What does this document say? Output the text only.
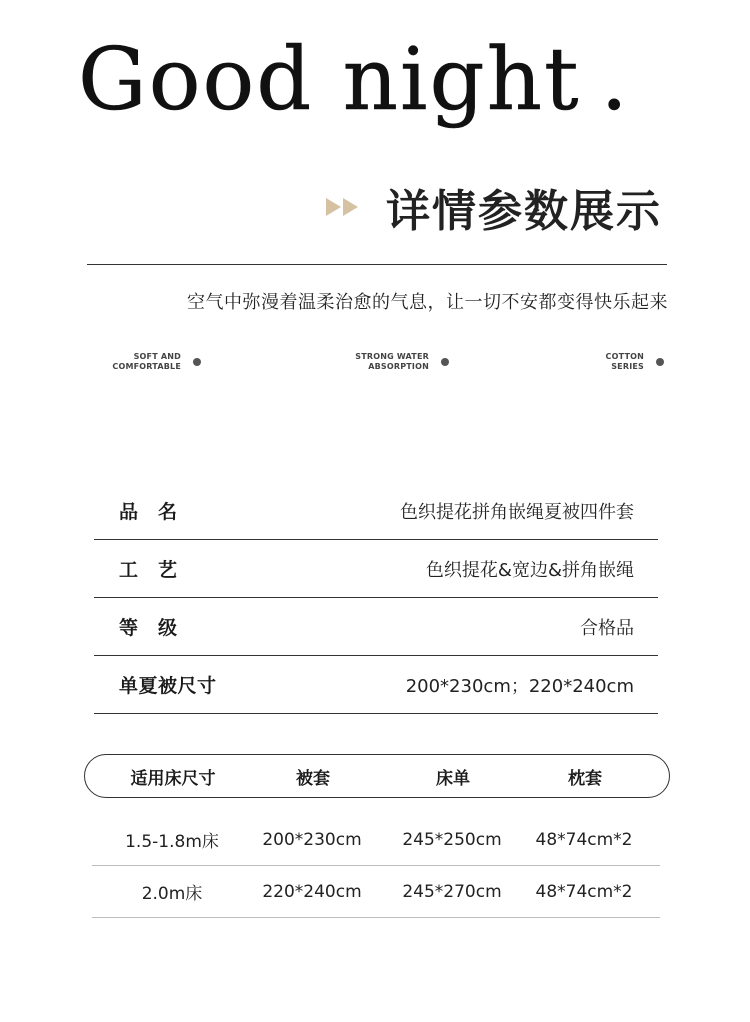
Good night .
详情参数展示
空气中弥漫着温柔治愈的气息，让一切不安都变得快乐起来
SOFT AND
COMFORTABLE
STRONG WATER
ABSORPTION
COTTON
SERIES
品　名	色织提花拼角嵌绳夏被四件套
工　艺	色织提花&宽边&拼角嵌绳
等　级	合格品
单夏被尺寸	200*230cm；220*240cm
适用床尺寸	被套	床单	枕套
1.5-1.8m床	200*230cm	245*250cm	48*74cm*2
2.0m床	220*240cm	245*270cm	48*74cm*2
